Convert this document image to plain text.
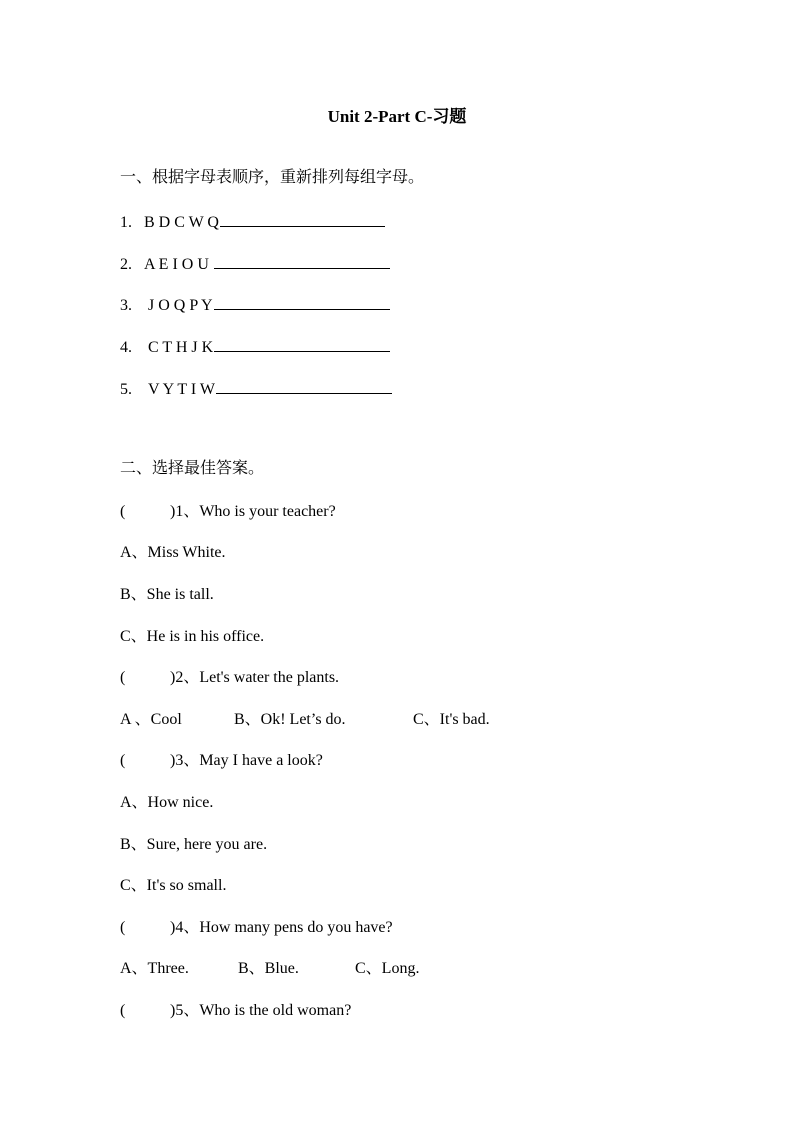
Unit 2-Part C-习题
一、根据字母表顺序，重新排列每组字母。
1. B D C W Q
2. A E I O U
3. J O Q P Y
4. C T H J K
5. V Y T I W
二、选择最佳答案。
(	)1、Who is your teacher?
A、Miss White.
B、She is tall.
C、He is in his office.
(	)2、Let's water the plants.
A 、Cool	B、Ok! Let’s do.	C、It's bad.
(	)3、May I have a look?
A、How nice.
B、Sure, here you are.
C、It's so small.
(	)4、How many pens do you have?
A、Three.	B、Blue.	C、Long.
(	)5、Who is the old woman?
